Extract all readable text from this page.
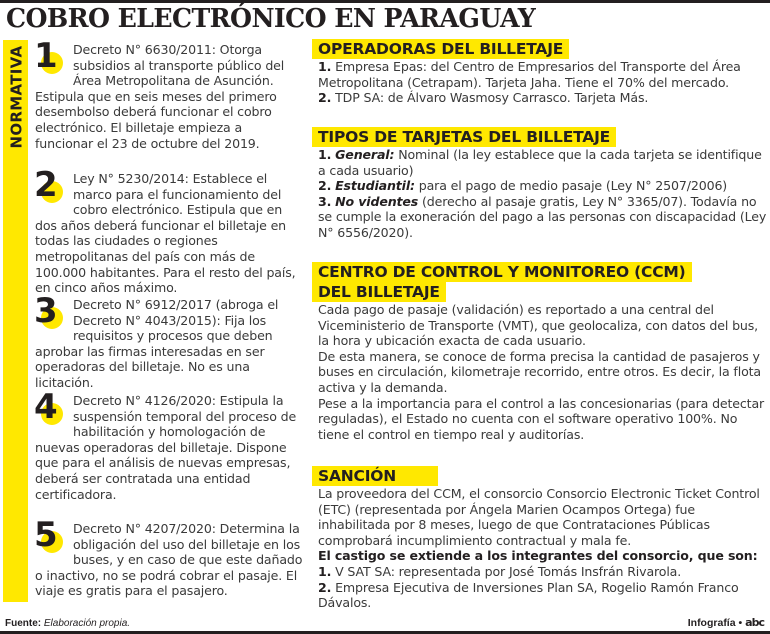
COBRO ELECTRÓNICO EN PARAGUAY
NORMATIVA 1 Decreto N° 6630/2011: Otorga subsidios al transporte público del Área Metropolitana de Asunción. Estipula que en seis meses del primero desembolso deberá funcionar el cobro electrónico. El billetaje empieza a funcionar el 23 de octubre del 2019.
2 Ley N° 5230/2014: Establece el marco para el funcionamiento del cobro electrónico. Estipula que en dos años deberá funcionar el billetaje en todas las ciudades o regiones metropolitanas del país con más de 100.000 habitantes. Para el resto del país, en cinco años máximo.
3 Decreto N° 6912/2017 (abroga el Decreto N° 4043/2015): Fija los requisitos y procesos que deben aprobar las firmas interesadas en ser operadoras del billetaje. No es una licitación.
4 Decreto N° 4126/2020: Estipula la suspensión temporal del proceso de habilitación y homologación de nuevas operadoras del billetaje. Dispone que para el análisis de nuevas empresas, deberá ser contratada una entidad certificadora.
5 Decreto N° 4207/2020: Determina la obligación del uso del billetaje en los buses, y en caso de que este dañado o inactivo, no se podrá cobrar el pasaje. El viaje es gratis para el pasajero.
OPERADORAS DEL BILLETAJE
1. Empresa Epas: del Centro de Empresarios del Transporte del Área Metropolitana (Cetrapam). Tarjeta Jaha. Tiene el 70% del mercado.
2. TDP SA: de Álvaro Wasmosy Carrasco. Tarjeta Más.
TIPOS DE TARJETAS DEL BILLETAJE
1. General: Nominal (la ley establece que la cada tarjeta se identifique a cada usuario)
2. Estudiantil: para el pago de medio pasaje (Ley N° 2507/2006)
3. No videntes (derecho al pasaje gratis, Ley N° 3365/07). Todavía no se cumple la exoneración del pago a las personas con discapacidad (Ley N° 6556/2020).
CENTRO DE CONTROL Y MONITOREO (CCM)
DEL BILLETAJE
Cada pago de pasaje (validación) es reportado a una central del Viceministerio de Transporte (VMT), que geolocaliza, con datos del bus, la hora y ubicación exacta de cada usuario.
De esta manera, se conoce de forma precisa la cantidad de pasajeros y buses en circulación, kilometraje recorrido, entre otros. Es decir, la flota activa y la demanda.
Pese a la importancia para el control a las concesionarias (para detectar reguladas), el Estado no cuenta con el software operativo 100%. No tiene el control en tiempo real y auditorías.
SANCIÓN
La proveedora del CCM, el consorcio Consorcio Electronic Ticket Control (ETC) (representada por Ángela Marien Ocampos Ortega) fue inhabilitada por 8 meses, luego de que Contrataciones Públicas comprobará incumplimiento contractual y mala fe.
El castigo se extiende a los integrantes del consorcio, que son:
1. V SAT SA: representada por José Tomás Insfrán Rivarola.
2. Empresa Ejecutiva de Inversiones Plan SA, Rogelio Ramón Franco Dávalos.
Fuente: Elaboración propia.	Infografía • abc
